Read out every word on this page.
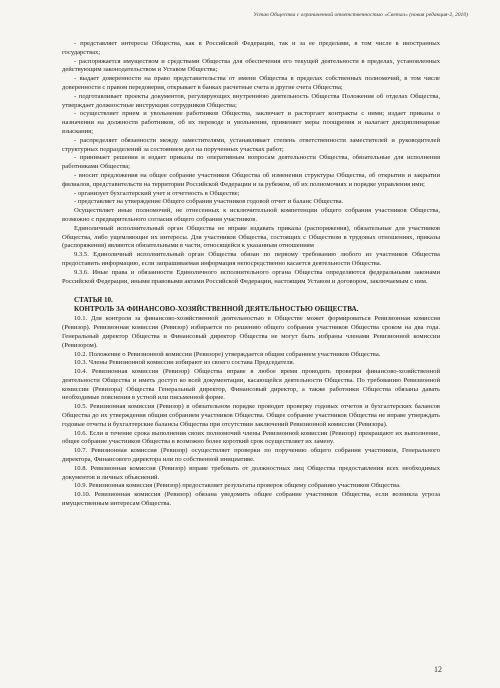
Устав Общества с ограниченной ответственностью «Светал» (новая редакция-2, 2010)

- представляет интересы Общества, как в Российской Федерации, так и за ее пределами, в том числе в иностранных государствах;

- распоряжается имуществом и средствами Общества для обеспечения его текущей деятельности в пределах, установленных действующим законодательством и Уставом Общества;

- выдает доверенности на право представительства от имени Общества в пределах собственных полномочий, в том числе доверенности с правом передоверия, открывает в банках расчетные счета и другие счета Общества;

- подготавливает проекты документов, регулирующих внутреннюю деятельность Общества Положения об отделах Общества, утверждает должностные инструкции сотрудников Общества;

- осуществляет прием и увольнение работников Общества, заключает и расторгает контракты с ними; издает приказы о назначении на должности работников, об их переводе и увольнении, применяет меры поощрения и налагает дисциплинарные взыскания;

- распределяет обязанности между заместителями, устанавливает степень ответственности заместителей и руководителей структурных подразделений за состоянием дел на порученных участках работ;

- принимает решения и издает приказы по оперативным вопросам деятельности Общества, обязательные для исполнения работниками Общества;

- вносит предложения на общее собрание участников Общества об изменении структуры Общества, об открытии и закрытии филиалов, представительств на территории Российской Федерации и за рубежом, об их полномочиях и порядке управления ими;

- организует бухгалтерский учет и отчетность в Обществе;

- представляет на утверждение Общего собрания участников годовой отчет и баланс Общества.

Осуществляет иные полномочий, не отнесенных к исключительной компетенции общего собрания участников Общества, возможно с предварительного согласия общего собрания участников.

Единоличный исполнительный орган Общества не вправе издавать приказы (распоряжения), обязательные для участников Общества, либо ущемляющие их интересы. Для участников Общества, состоящих с Обществом в трудовых отношениях, приказы (распоряжения) являются обязательными в части, относящейся к указанным отношениям

9.3.5. Единоличный исполнительный орган Общества обязан по первому требованию любого из участников Общества предоставить информацию, если запрашиваемая информация непосредственно касается деятельности Общества.

9.3.6. Иные права и обязанности Единоличного исполнительного органа Общества определяются федеральными законами Российской Федерации, иными правовыми актами Российской Федерации, настоящим Уставом и договором, заключаемым с ним.

СТАТЬЯ 10.
КОНТРОЛЬ ЗА ФИНАНСОВО-ХОЗЯЙСТВЕННОЙ ДЕЯТЕЛЬНОСТЬЮ ОБЩЕСТВА.

10.1. Для контроля за финансово-хозяйственной деятельностью в Обществе может формироваться Ревизионная комиссия (Ревизор). Ревизионная комиссия (Ревизор) избирается по решению общего собрания участников Общества сроком на два года. Генеральный директор Общества и Финансовый директор Общества не могут быть избраны членами Ревизионной комиссии (Ревизором).

10.2. Положение о Ревизионной комиссии (Ревизоре) утверждается общим собранием участников Общества.

10.3. Члены Ревизионной комиссии избирают из своего состава Председателя.

10.4. Ревизионная комиссия (Ревизор) Общества вправе в любое время проводить проверки финансово-хозяйственной деятельности Общества и иметь доступ ко всей документации, касающейся деятельности Общества. По требованию Ревизионной комиссии (Ревизора) Общества Генеральный директор, Финансовый директор, а также работники Общества обязаны давать необходимые пояснения в устной или письменной форме.

10.5. Ревизионная комиссия (Ревизор) в обязательном порядке проводит проверку годовых отчетов и бухгалтерских балансов Общества до их утверждения общим собранием участников Общества. Общее собрание участников Общества не вправе утверждать годовые отчеты и бухгалтерские балансы Общества при отсутствии заключений Ревизионной комиссии (Ревизора).

10.6. Если в течение срока выполнения своих полномочий члены Ревизионной комиссии (Ревизор) прекращают их выполнение, общее собрание участников Общества в возможно более короткий срок осуществляет их замену.

10.7. Ревизионная комиссия (Ревизор) осуществляет проверки по поручению общего собрания участников, Генерального директора, Финансового директора или по собственной инициативе.

10.8. Ревизионная комиссия (Ревизор) вправе требовать от должностных лиц Общества предоставления всех необходимых документов и личных объяснений.

10.9. Ревизионная комиссия (Ревизор) предоставляет результаты проверок общему собранию участников Общества.

10.10. Ревизионная комиссия (Ревизор) обязана уведомить общее собрание участников Общества, если возникла угроза имущественным интересам Общества.

12
